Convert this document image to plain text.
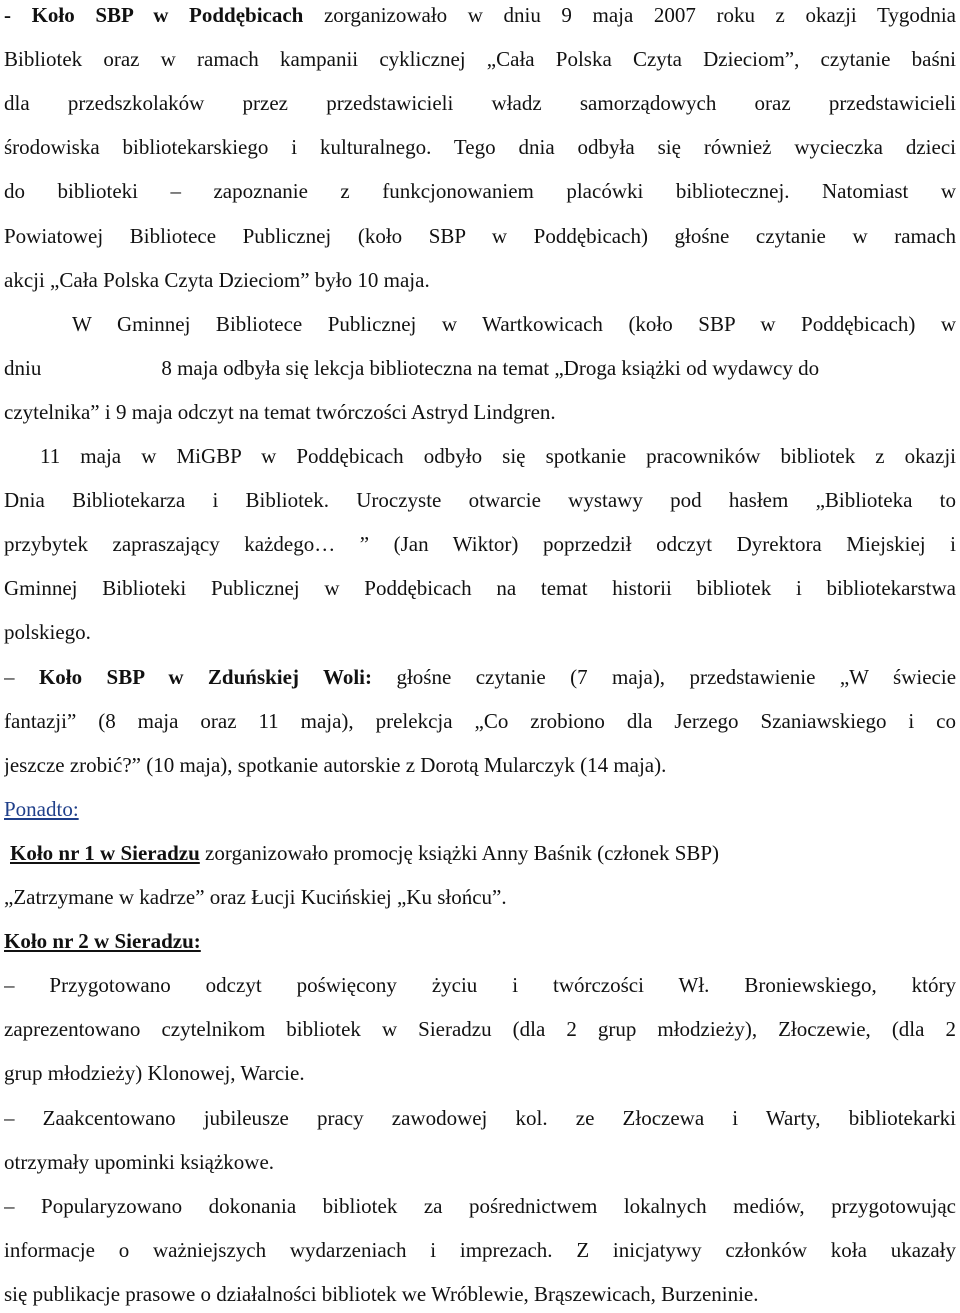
- Koło SBP w Poddębicach zorganizowało w dniu 9 maja 2007 roku z okazji Tygodnia
Bibliotek oraz w ramach kampanii cyklicznej „Cała Polska Czyta Dzieciom”, czytanie baśni
dla przedszkolaków przez przedstawicieli władz samorządowych oraz przedstawicieli
środowiska bibliotekarskiego i kulturalnego. Tego dnia odbyła się również wycieczka dzieci
do biblioteki – zapoznanie z funkcjonowaniem placówki bibliotecznej. Natomiast w
Powiatowej Bibliotece Publicznej (koło SBP w Poddębicach) głośne czytanie w ramach
akcji „Cała Polska Czyta Dzieciom” było 10 maja.
W Gminnej Bibliotece Publicznej w Wartkowicach (koło SBP w Poddębicach) w
dniu	8 maja odbyła się lekcja biblioteczna na temat „Droga książki od wydawcy do
czytelnika” i 9 maja odczyt na temat twórczości Astryd Lindgren.
11 maja w MiGBP w Poddębicach odbyło się spotkanie pracowników bibliotek z okazji
Dnia Bibliotekarza i Bibliotek. Uroczyste otwarcie wystawy pod hasłem „Biblioteka to
przybytek zapraszający każdego… ” (Jan Wiktor) poprzedził odczyt Dyrektora Miejskiej i
Gminnej Biblioteki Publicznej w Poddębicach na temat historii bibliotek i bibliotekarstwa
polskiego.
– Koło SBP w Zduńskiej Woli: głośne czytanie (7 maja), przedstawienie „W świecie
fantazji” (8 maja oraz 11 maja), prelekcja „Co zrobiono dla Jerzego Szaniawskiego i co
jeszcze zrobić?” (10 maja), spotkanie autorskie z Dorotą Mularczyk (14 maja).
Ponadto:
Koło nr 1 w Sieradzu zorganizowało promocję książki Anny Baśnik (członek SBP)
„Zatrzymane w kadrze” oraz Łucji Kucińskiej „Ku słońcu”.
Koło nr 2 w Sieradzu:
– Przygotowano odczyt poświęcony życiu i twórczości Wł. Broniewskiego, który
zaprezentowano czytelnikom bibliotek w Sieradzu (dla 2 grup młodzieży), Złoczewie, (dla 2
grup młodzieży) Klonowej, Warcie.
– Zaakcentowano jubileusze pracy zawodowej kol. ze Złoczewa i Warty, bibliotekarki
otrzymały upominki książkowe.
– Popularyzowano dokonania bibliotek za pośrednictwem lokalnych mediów, przygotowując
informacje o ważniejszych wydarzeniach i imprezach. Z inicjatywy członków koła ukazały
się publikacje prasowe o działalności bibliotek we Wróblewie, Brąszewicach, Burzeninie.
